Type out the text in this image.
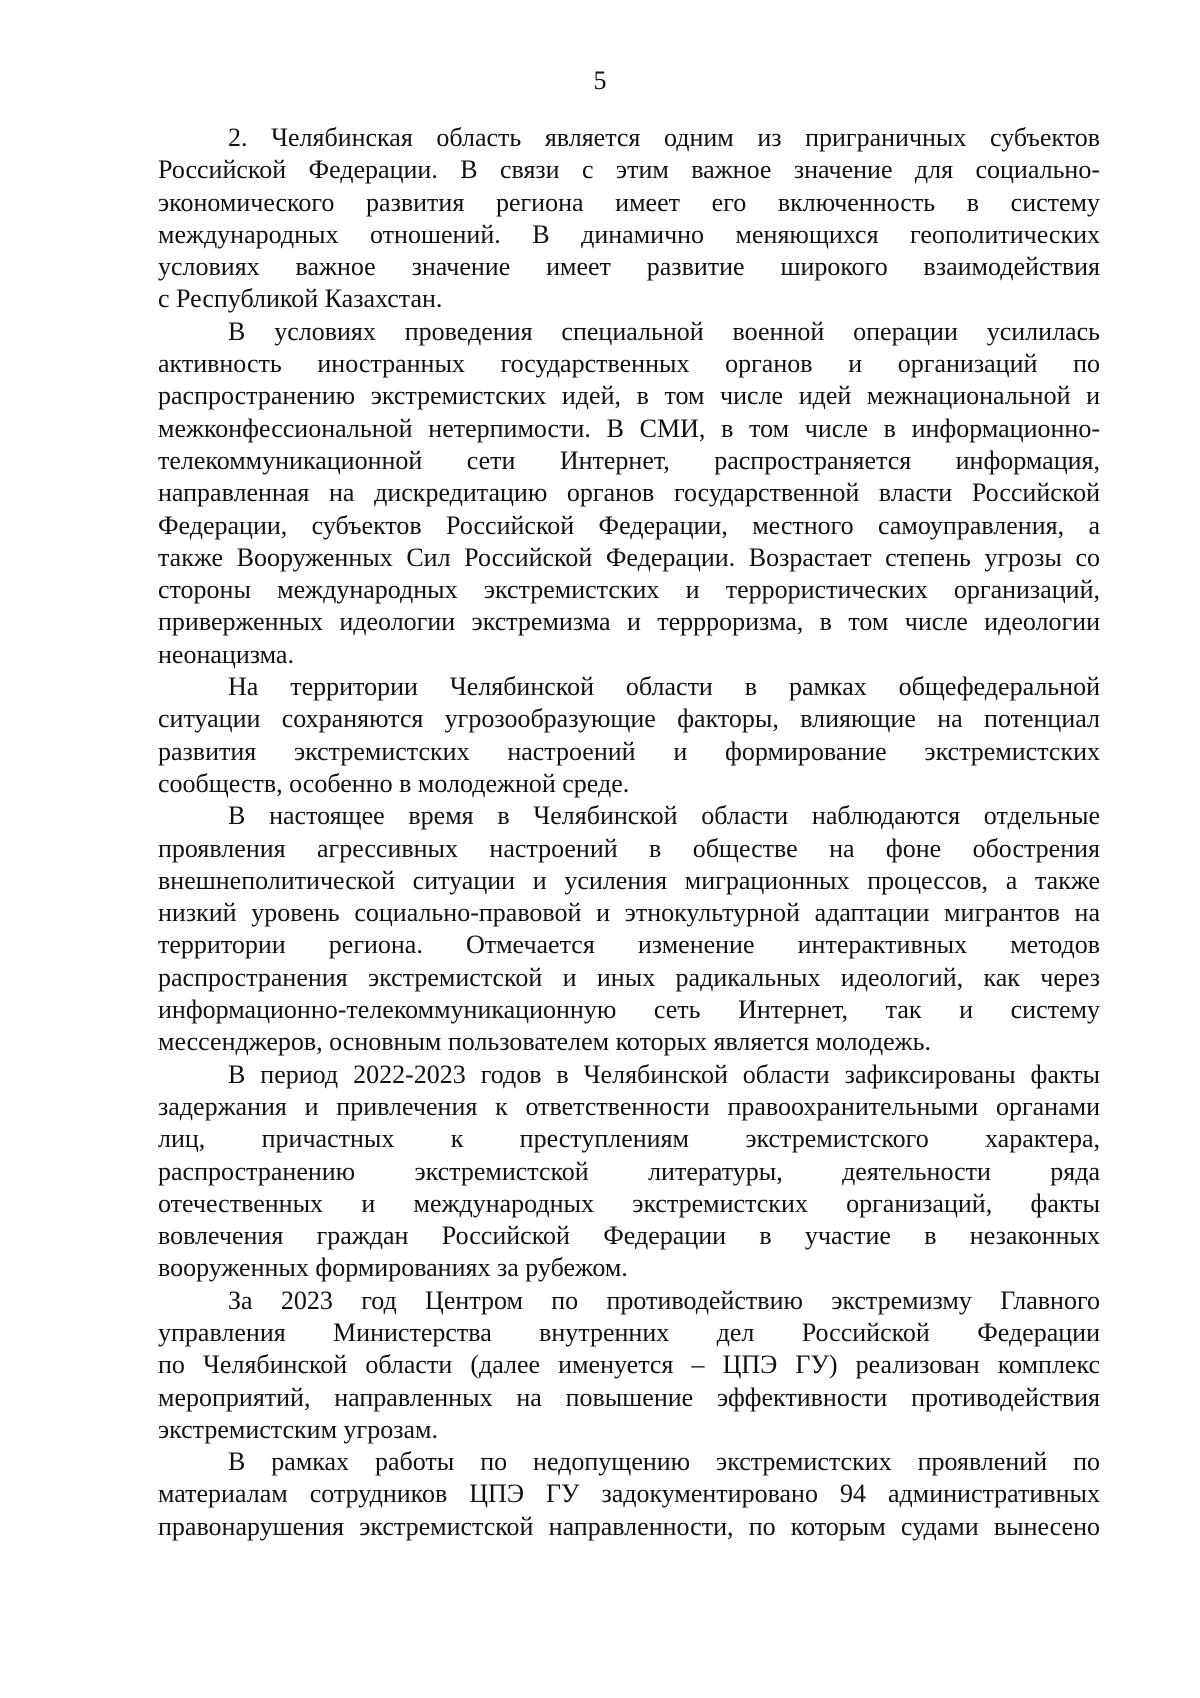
5
2. Челябинская область является одним из приграничных субъектов
Российской Федерации. В связи с этим важное значение для социально-
экономического развития региона имеет его включенность в систему
международных отношений. В динамично меняющихся геополитических
условиях важное значение имеет развитие широкого взаимодействия
с Республикой Казахстан.
В условиях проведения специальной военной операции усилилась
активность иностранных государственных органов и организаций по
распространению экстремистских идей, в том числе идей межнациональной и
межконфессиональной нетерпимости. В СМИ, в том числе в информационно-
телекоммуникационной сети Интернет, распространяется информация,
направленная на дискредитацию органов государственной власти Российской
Федерации, субъектов Российской Федерации, местного самоуправления, а
также Вооруженных Сил Российской Федерации. Возрастает степень угрозы со
стороны международных экстремистских и террористических организаций,
приверженных идеологии экстремизма и террроризма, в том числе идеологии
неонацизма.
На территории Челябинской области в рамках общефедеральной
ситуации сохраняются угрозообразующие факторы, влияющие на потенциал
развития экстремистских настроений и формирование экстремистских
сообществ, особенно в молодежной среде.
В настоящее время в Челябинской области наблюдаются отдельные
проявления агрессивных настроений в обществе на фоне обострения
внешнеполитической ситуации и усиления миграционных процессов, а также
низкий уровень социально-правовой и этнокультурной адаптации мигрантов на
территории региона. Отмечается изменение интерактивных методов
распространения экстремистской и иных радикальных идеологий, как через
информационно-телекоммуникационную сеть Интернет, так и систему
мессенджеров, основным пользователем которых является молодежь.
В период 2022-2023 годов в Челябинской области зафиксированы факты
задержания и привлечения к ответственности правоохранительными органами
лиц, причастных к преступлениям экстремистского характера,
распространению экстремистской литературы, деятельности ряда
отечественных и международных экстремистских организаций, факты
вовлечения граждан Российской Федерации в участие в незаконных
вооруженных формированиях за рубежом.
За 2023 год Центром по противодействию экстремизму Главного
управления Министерства внутренних дел Российской Федерации
по Челябинской области (далее именуется – ЦПЭ ГУ) реализован комплекс
мероприятий, направленных на повышение эффективности противодействия
экстремистским угрозам.
В рамках работы по недопущению экстремистских проявлений по
материалам сотрудников ЦПЭ ГУ задокументировано 94 административных
правонарушения экстремистской направленности, по которым судами вынесено
